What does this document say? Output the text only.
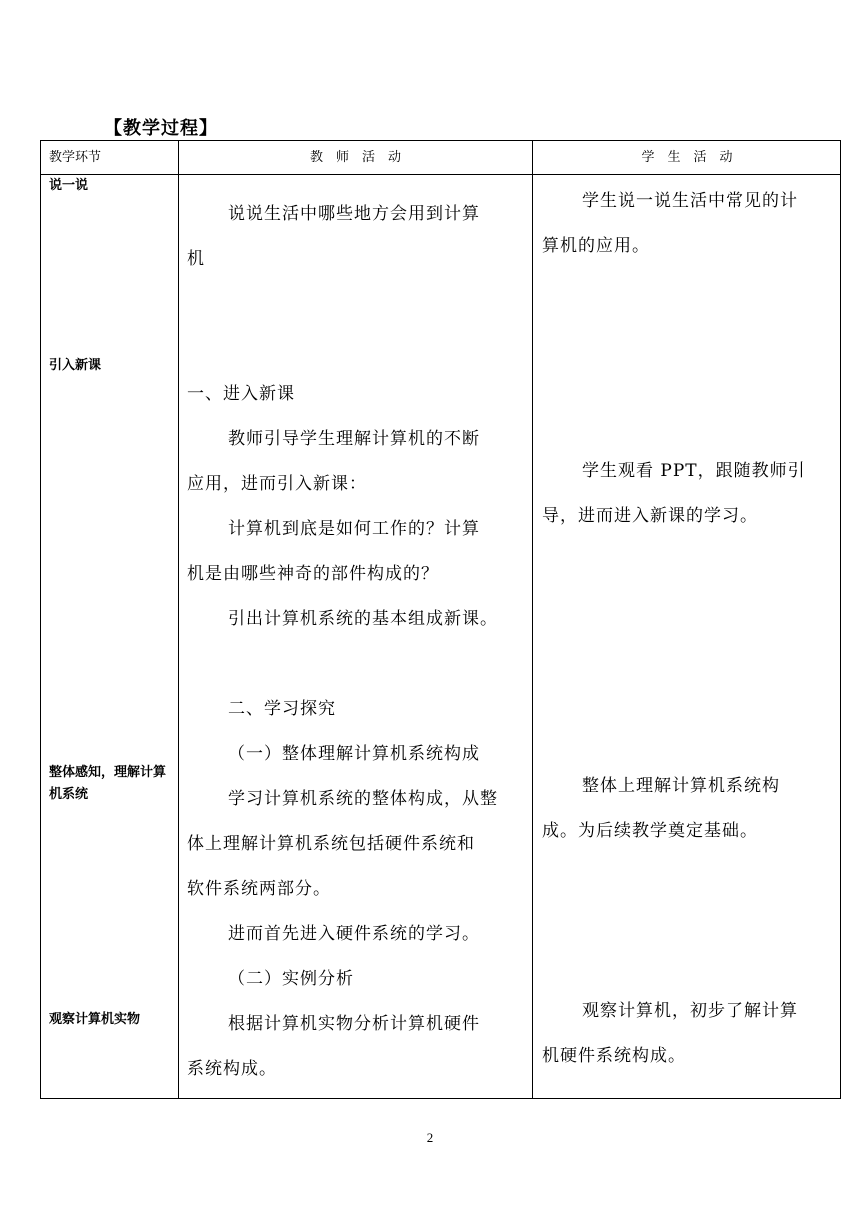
【教学过程】
教学环节	教　师　活　动	学　生　活　动
说一说
引入新课
整体感知，理解计算机系统
观察计算机实物
说说生活中哪些地方会用到计算
机
一、进入新课
教师引导学生理解计算机的不断
应用，进而引入新课：
计算机到底是如何工作的？计算
机是由哪些神奇的部件构成的？
引出计算机系统的基本组成新课。
二、学习探究
（一）整体理解计算机系统构成
学习计算机系统的整体构成，从整
体上理解计算机系统包括硬件系统和
软件系统两部分。
进而首先进入硬件系统的学习。
（二）实例分析
根据计算机实物分析计算机硬件
系统构成。
学生说一说生活中常见的计
算机的应用。
学生观看 PPT，跟随教师引
导，进而进入新课的学习。
整体上理解计算机系统构
成。为后续教学奠定基础。
观察计算机，初步了解计算
机硬件系统构成。
2
